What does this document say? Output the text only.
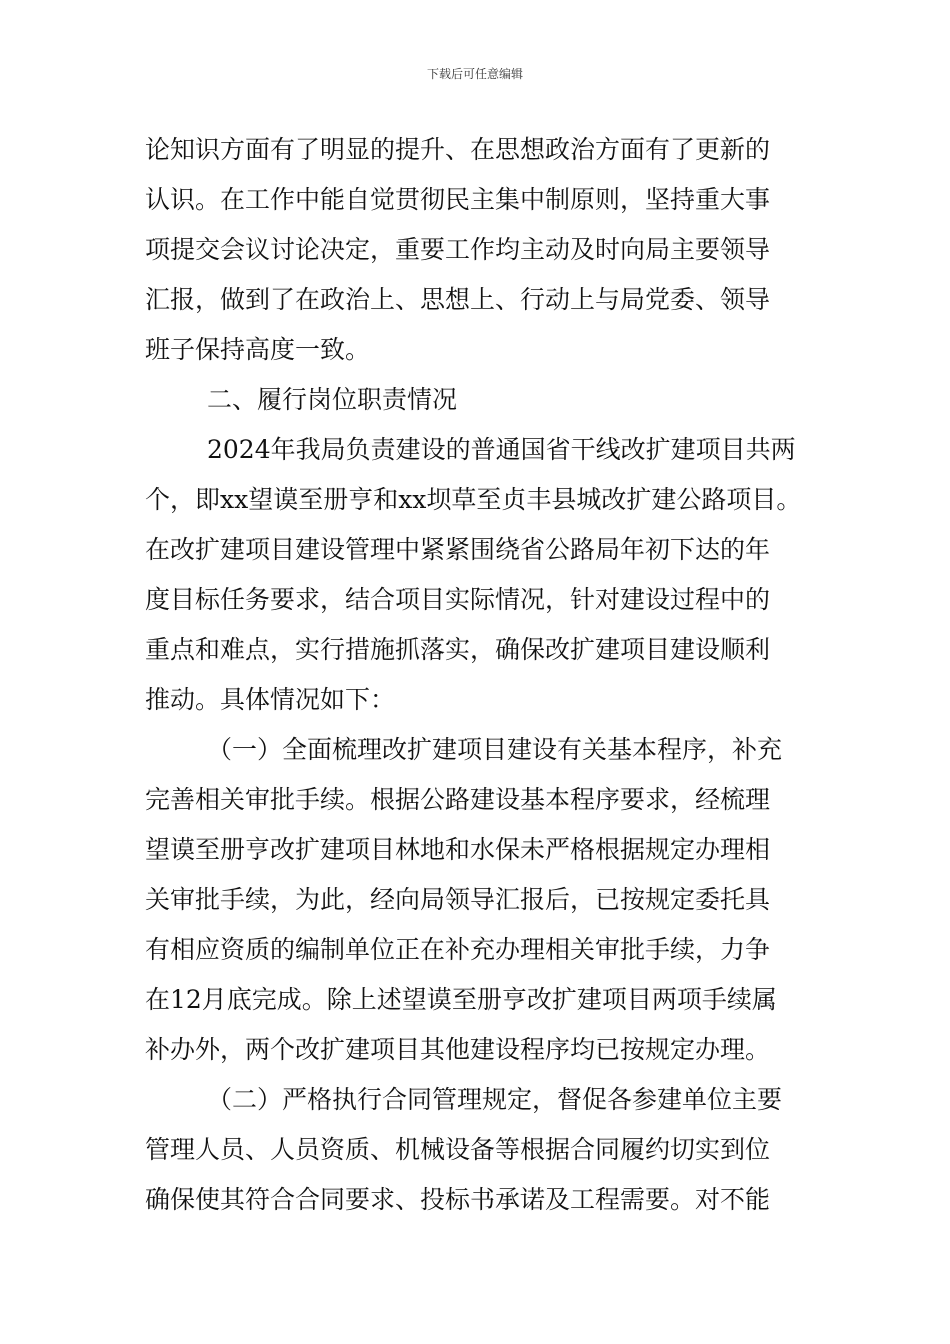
下载后可任意编辑
论知识方面有了明显的提升、在思想政治方面有了更新的
认识。在工作中能自觉贯彻民主集中制原则，坚持重大事
项提交会议讨论决定，重要工作均主动及时向局主要领导
汇报，做到了在政治上、思想上、行动上与局党委、领导
班子保持高度一致。
二、履行岗位职责情况
2024年我局负责建设的普通国省干线改扩建项目共两
个，即xx望谟至册亨和xx坝草至贞丰县城改扩建公路项目。
在改扩建项目建设管理中紧紧围绕省公路局年初下达的年
度目标任务要求，结合项目实际情况，针对建设过程中的
重点和难点，实行措施抓落实，确保改扩建项目建设顺利
推动。具体情况如下：
（一）全面梳理改扩建项目建设有关基本程序，补充
完善相关审批手续。根据公路建设基本程序要求，经梳理
望谟至册亨改扩建项目林地和水保未严格根据规定办理相
关审批手续，为此，经向局领导汇报后，已按规定委托具
有相应资质的编制单位正在补充办理相关审批手续，力争
在12月底完成。除上述望谟至册亨改扩建项目两项手续属
补办外，两个改扩建项目其他建设程序均已按规定办理。
（二）严格执行合同管理规定，督促各参建单位主要
管理人员、人员资质、机械设备等根据合同履约切实到位
确保使其符合合同要求、投标书承诺及工程需要。对不能
